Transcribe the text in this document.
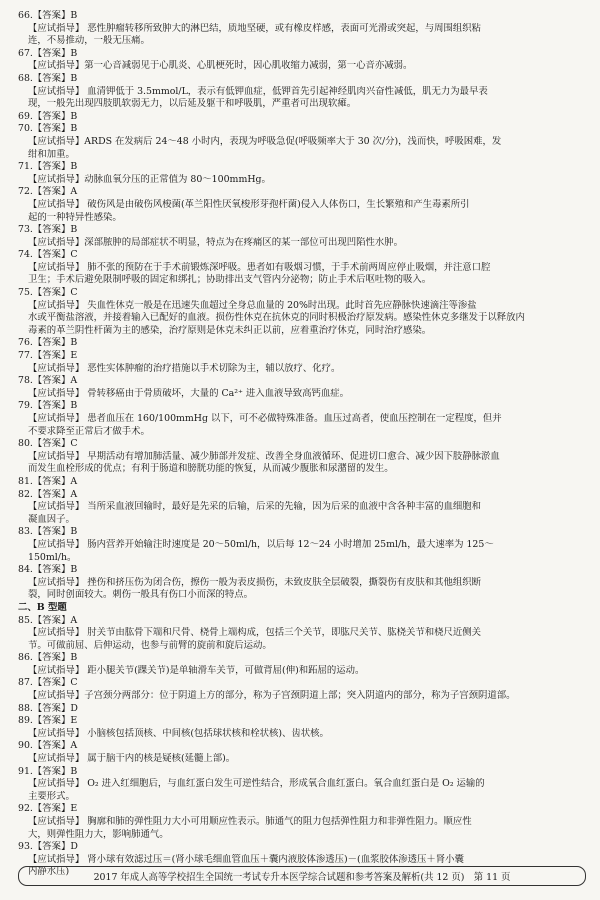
66.【答案】B
【应试指导】 恶性肿瘤转移所致肿大的淋巴结，质地坚硬，或有橡皮样感，表面可光滑或突起，与周围组织粘
连，不易推动，一般无压痛。
67.【答案】B
【应试指导】第一心音减弱见于心肌炎、心肌梗死时，因心肌收缩力减弱，第一心音亦减弱。
68.【答案】B
【应试指导】 血清钾低于 3.5mmol/L，表示有低钾血症，低钾首先引起神经肌肉兴奋性减低，肌无力为最早表
现，一般先出现四肢肌软弱无力，以后延及躯干和呼吸肌，严重者可出现软瘫。
69.【答案】B
70.【答案】B
【应试指导】ARDS 在发病后 24～48 小时内，表现为呼吸急促(呼吸频率大于 30 次/分)，浅而快，呼吸困难，发
绀和加重。
71.【答案】B
【应试指导】动脉血氧分压的正常值为 80～100mmHg。
72.【答案】A
【应试指导】 破伤风是由破伤风梭菌(革兰阳性厌氧梭形芽孢杆菌)侵入人体伤口，生长繁殖和产生毒素所引
起的一种特异性感染。
73.【答案】B
【应试指导】深部脓肿的局部症状不明显，特点为在疼痛区的某一部位可出现凹陷性水肿。
74.【答案】C
【应试指导】 肺不张的预防在于手术前锻炼深呼吸。患者如有吸烟习惯，于手术前两周应停止吸烟，并注意口腔
卫生；手术后避免限制呼吸的固定和绑扎；协助排出支气管内分泌物；防止手术后呕吐物的吸入。
75.【答案】C
【应试指导】 失血性休克一般是在迅速失血超过全身总血量的 20%时出现。此时首先应静脉快速滴注等渗盐
水或平衡盐溶液，并接着输入已配好的血液。损伤性休克在抗休克的同时积极治疗原发病。感染性休克多继发于以释放内
毒素的革兰阴性杆菌为主的感染，治疗原则是休克未纠正以前，应着重治疗休克，同时治疗感染。
76.【答案】B
77.【答案】E
【应试指导】 恶性实体肿瘤的治疗措施以手术切除为主，辅以放疗、化疗。
78.【答案】A
【应试指导】 骨转移癌由于骨质破坏，大量的 Ca²⁺ 进入血液导致高钙血症。
79.【答案】B
【应试指导】 患者血压在 160/100mmHg 以下，可不必做特殊准备。血压过高者，使血压控制在一定程度，但并
不要求降至正常后才做手术。
80.【答案】C
【应试指导】 早期活动有增加肺活量、减少肺部并发症、改善全身血液循环、促进切口愈合、减少因下肢静脉淤血
而发生血栓形成的优点；有利于肠道和膀胱功能的恢复，从而减少腹胀和尿潴留的发生。
81.【答案】A
82.【答案】A
【应试指导】 当所采血液回输时，最好是先采的后输，后采的先输，因为后采的血液中含各种丰富的血细胞和
凝血因子。
83.【答案】B
【应试指导】 肠内营养开始输注时速度是 20～50ml/h，以后每 12～24 小时增加 25ml/h，最大速率为 125～
150ml/h。
84.【答案】B
【应试指导】 挫伤和挤压伤为闭合伤，擦伤一般为表皮损伤，未致皮肤全层破裂，撕裂伤有皮肤和其他组织断
裂，同时创面较大。刺伤一般具有伤口小而深的特点。
二、B 型题
85.【答案】A
【应试指导】 肘关节由肱骨下端和尺骨、桡骨上端构成，包括三个关节，即肱尺关节、肱桡关节和桡尺近侧关
节。可做前屈、后伸运动，也参与前臂的旋前和旋后运动。
86.【答案】B
【应试指导】 距小腿关节(踝关节)是单轴滑车关节，可做背屈(伸)和跖屈的运动。
87.【答案】C
【应试指导】子宫颈分两部分：位于阴道上方的部分，称为子宫颈阴道上部；突入阴道内的部分，称为子宫颈阴道部。
88.【答案】D
89.【答案】E
【应试指导】 小脑核包括顶核、中间核(包括球状核和栓状核)、齿状核。
90.【答案】A
【应试指导】 属于脑干内的核是疑核(延髓上部)。
91.【答案】B
【应试指导】 O₂ 进入红细胞后，与血红蛋白发生可逆性结合，形成氧合血红蛋白。氧合血红蛋白是 O₂ 运输的
主要形式。
92.【答案】E
【应试指导】 胸廓和肺的弹性阻力大小可用顺应性表示。肺通气的阻力包括弹性阻力和非弹性阻力。顺应性
大，则弹性阻力大，影响肺通气。
93.【答案】D
【应试指导】 肾小球有效滤过压＝(肾小球毛细血管血压＋囊内液胶体渗透压)－(血浆胶体渗透压＋肾小囊
内静水压)
2017 年成人高等学校招生全国统一考试专升本医学综合试题和参考答案及解析(共 12 页)　第 11 页
